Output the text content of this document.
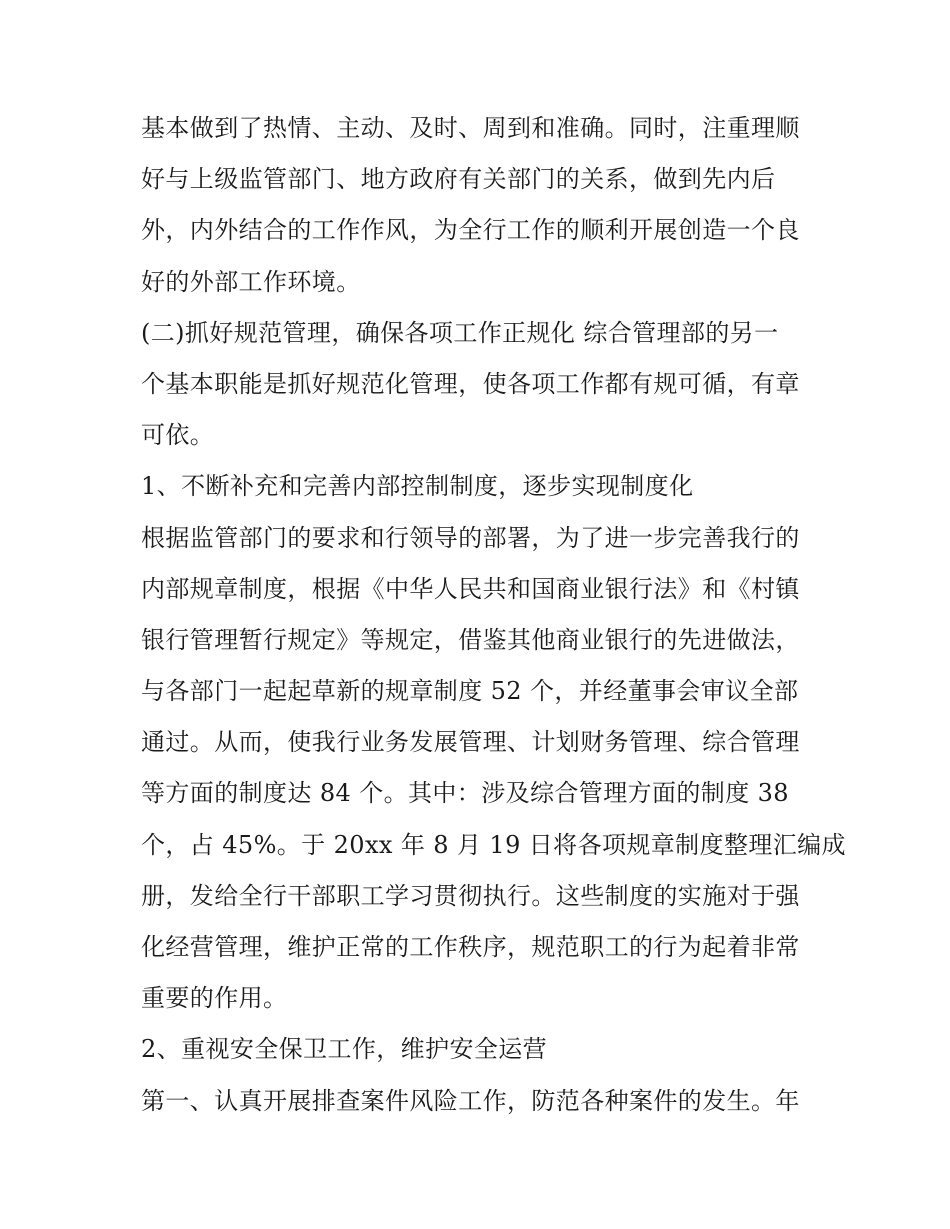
基本做到了热情、主动、及时、周到和准确。同时，注重理顺
好与上级监管部门、地方政府有关部门的关系，做到先内后
外，内外结合的工作作风，为全行工作的顺利开展创造一个良
好的外部工作环境。
(二)抓好规范管理，确保各项工作正规化 综合管理部的另一
个基本职能是抓好规范化管理，使各项工作都有规可循，有章
可依。
1、不断补充和完善内部控制制度，逐步实现制度化
根据监管部门的要求和行领导的部署，为了进一步完善我行的
内部规章制度，根据《中华人民共和国商业银行法》和《村镇
银行管理暂行规定》等规定，借鉴其他商业银行的先进做法，
与各部门一起起草新的规章制度 52 个，并经董事会审议全部
通过。从而，使我行业务发展管理、计划财务管理、综合管理
等方面的制度达 84 个。其中：涉及综合管理方面的制度 38
个，占 45%。于 20xx 年 8 月 19 日将各项规章制度整理汇编成
册，发给全行干部职工学习贯彻执行。这些制度的实施对于强
化经营管理，维护正常的工作秩序，规范职工的行为起着非常
重要的作用。
2、重视安全保卫工作，维护安全运营
第一、认真开展排查案件风险工作，防范各种案件的发生。年
